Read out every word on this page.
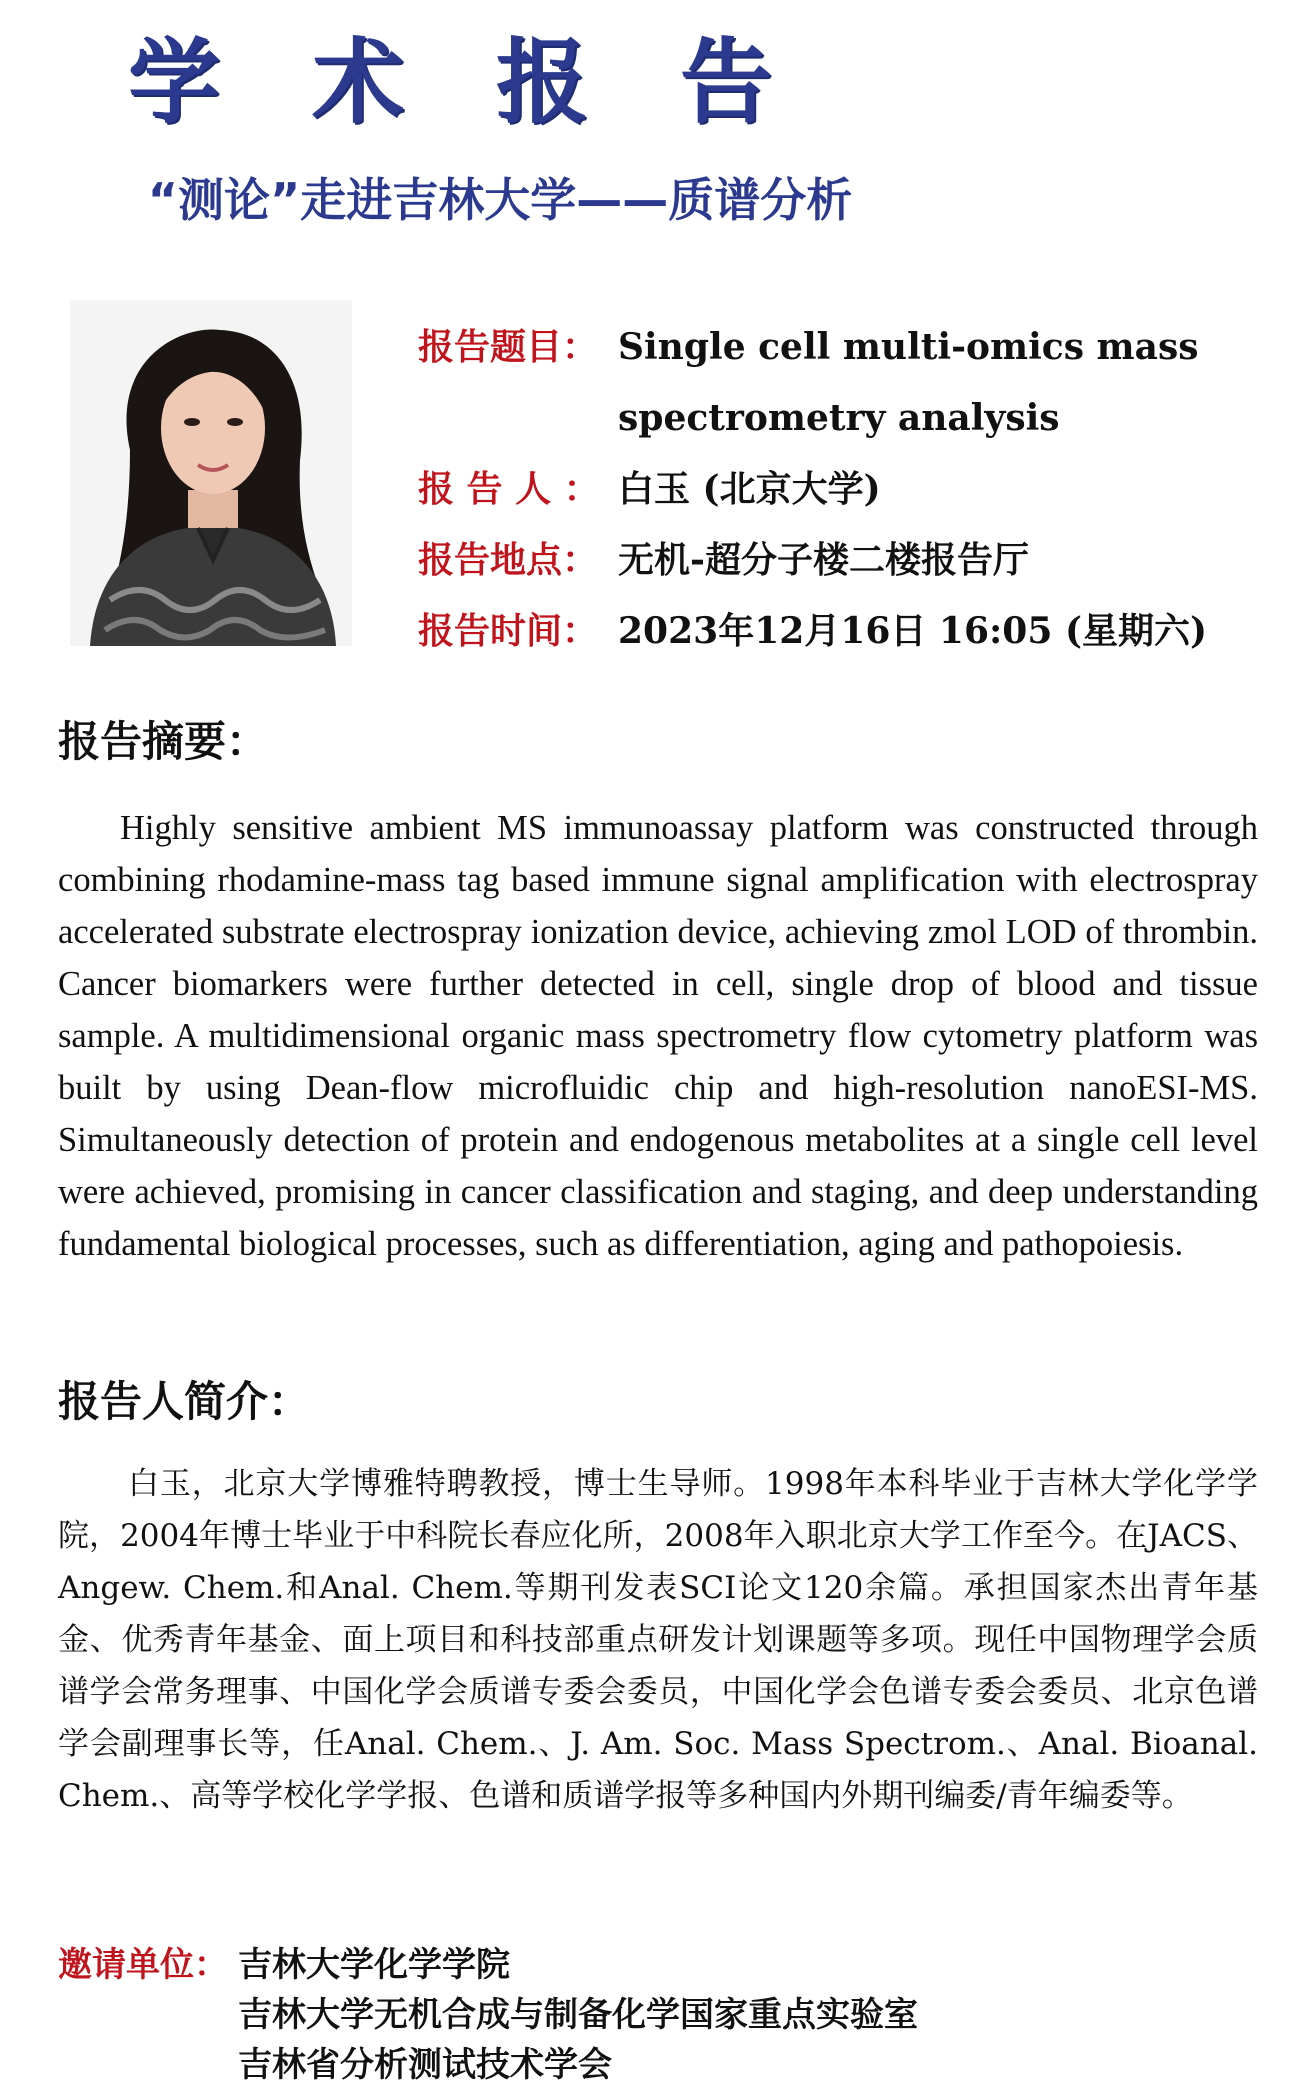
学 术 报 告
“测论”走进吉林大学——质谱分析
报告题目： Single cell multi-omics mass
spectrometry analysis
报 告 人 ： 白玉 (北京大学)
报告地点： 无机-超分子楼二楼报告厅
报告时间： 2023年12月16日 16:05 (星期六)
报告摘要：

Highly sensitive ambient MS immunoassay platform was constructed through combining rhodamine-mass tag based immune signal amplification with electrospray accelerated substrate electrospray ionization device, achieving zmol LOD of thrombin. Cancer biomarkers were further detected in cell, single drop of blood and tissue sample. A multidimensional organic mass spectrometry flow cytometry platform was built by using Dean-flow microfluidic chip and high-resolution nanoESI-MS. Simultaneously detection of protein and endogenous metabolites at a single cell level were achieved, promising in cancer classification and staging, and deep understanding fundamental biological processes, such as differentiation, aging and pathopoiesis.

报告人简介：

白玉，北京大学博雅特聘教授，博士生导师。1998年本科毕业于吉林大学化学学院，2004年博士毕业于中科院长春应化所，2008年入职北京大学工作至今。在JACS、Angew. Chem.和Anal. Chem.等期刊发表SCI论文120余篇。承担国家杰出青年基金、优秀青年基金、面上项目和科技部重点研发计划课题等多项。现任中国物理学会质谱学会常务理事、中国化学会质谱专委会委员，中国化学会色谱专委会委员、北京色谱学会副理事长等，任Anal. Chem.、J. Am. Soc. Mass Spectrom.、Anal. Bioanal. Chem.、高等学校化学学报、色谱和质谱学报等多种国内外期刊编委/青年编委等。

邀请单位： 吉林大学化学学院
吉林大学无机合成与制备化学国家重点实验室
吉林省分析测试技术学会
